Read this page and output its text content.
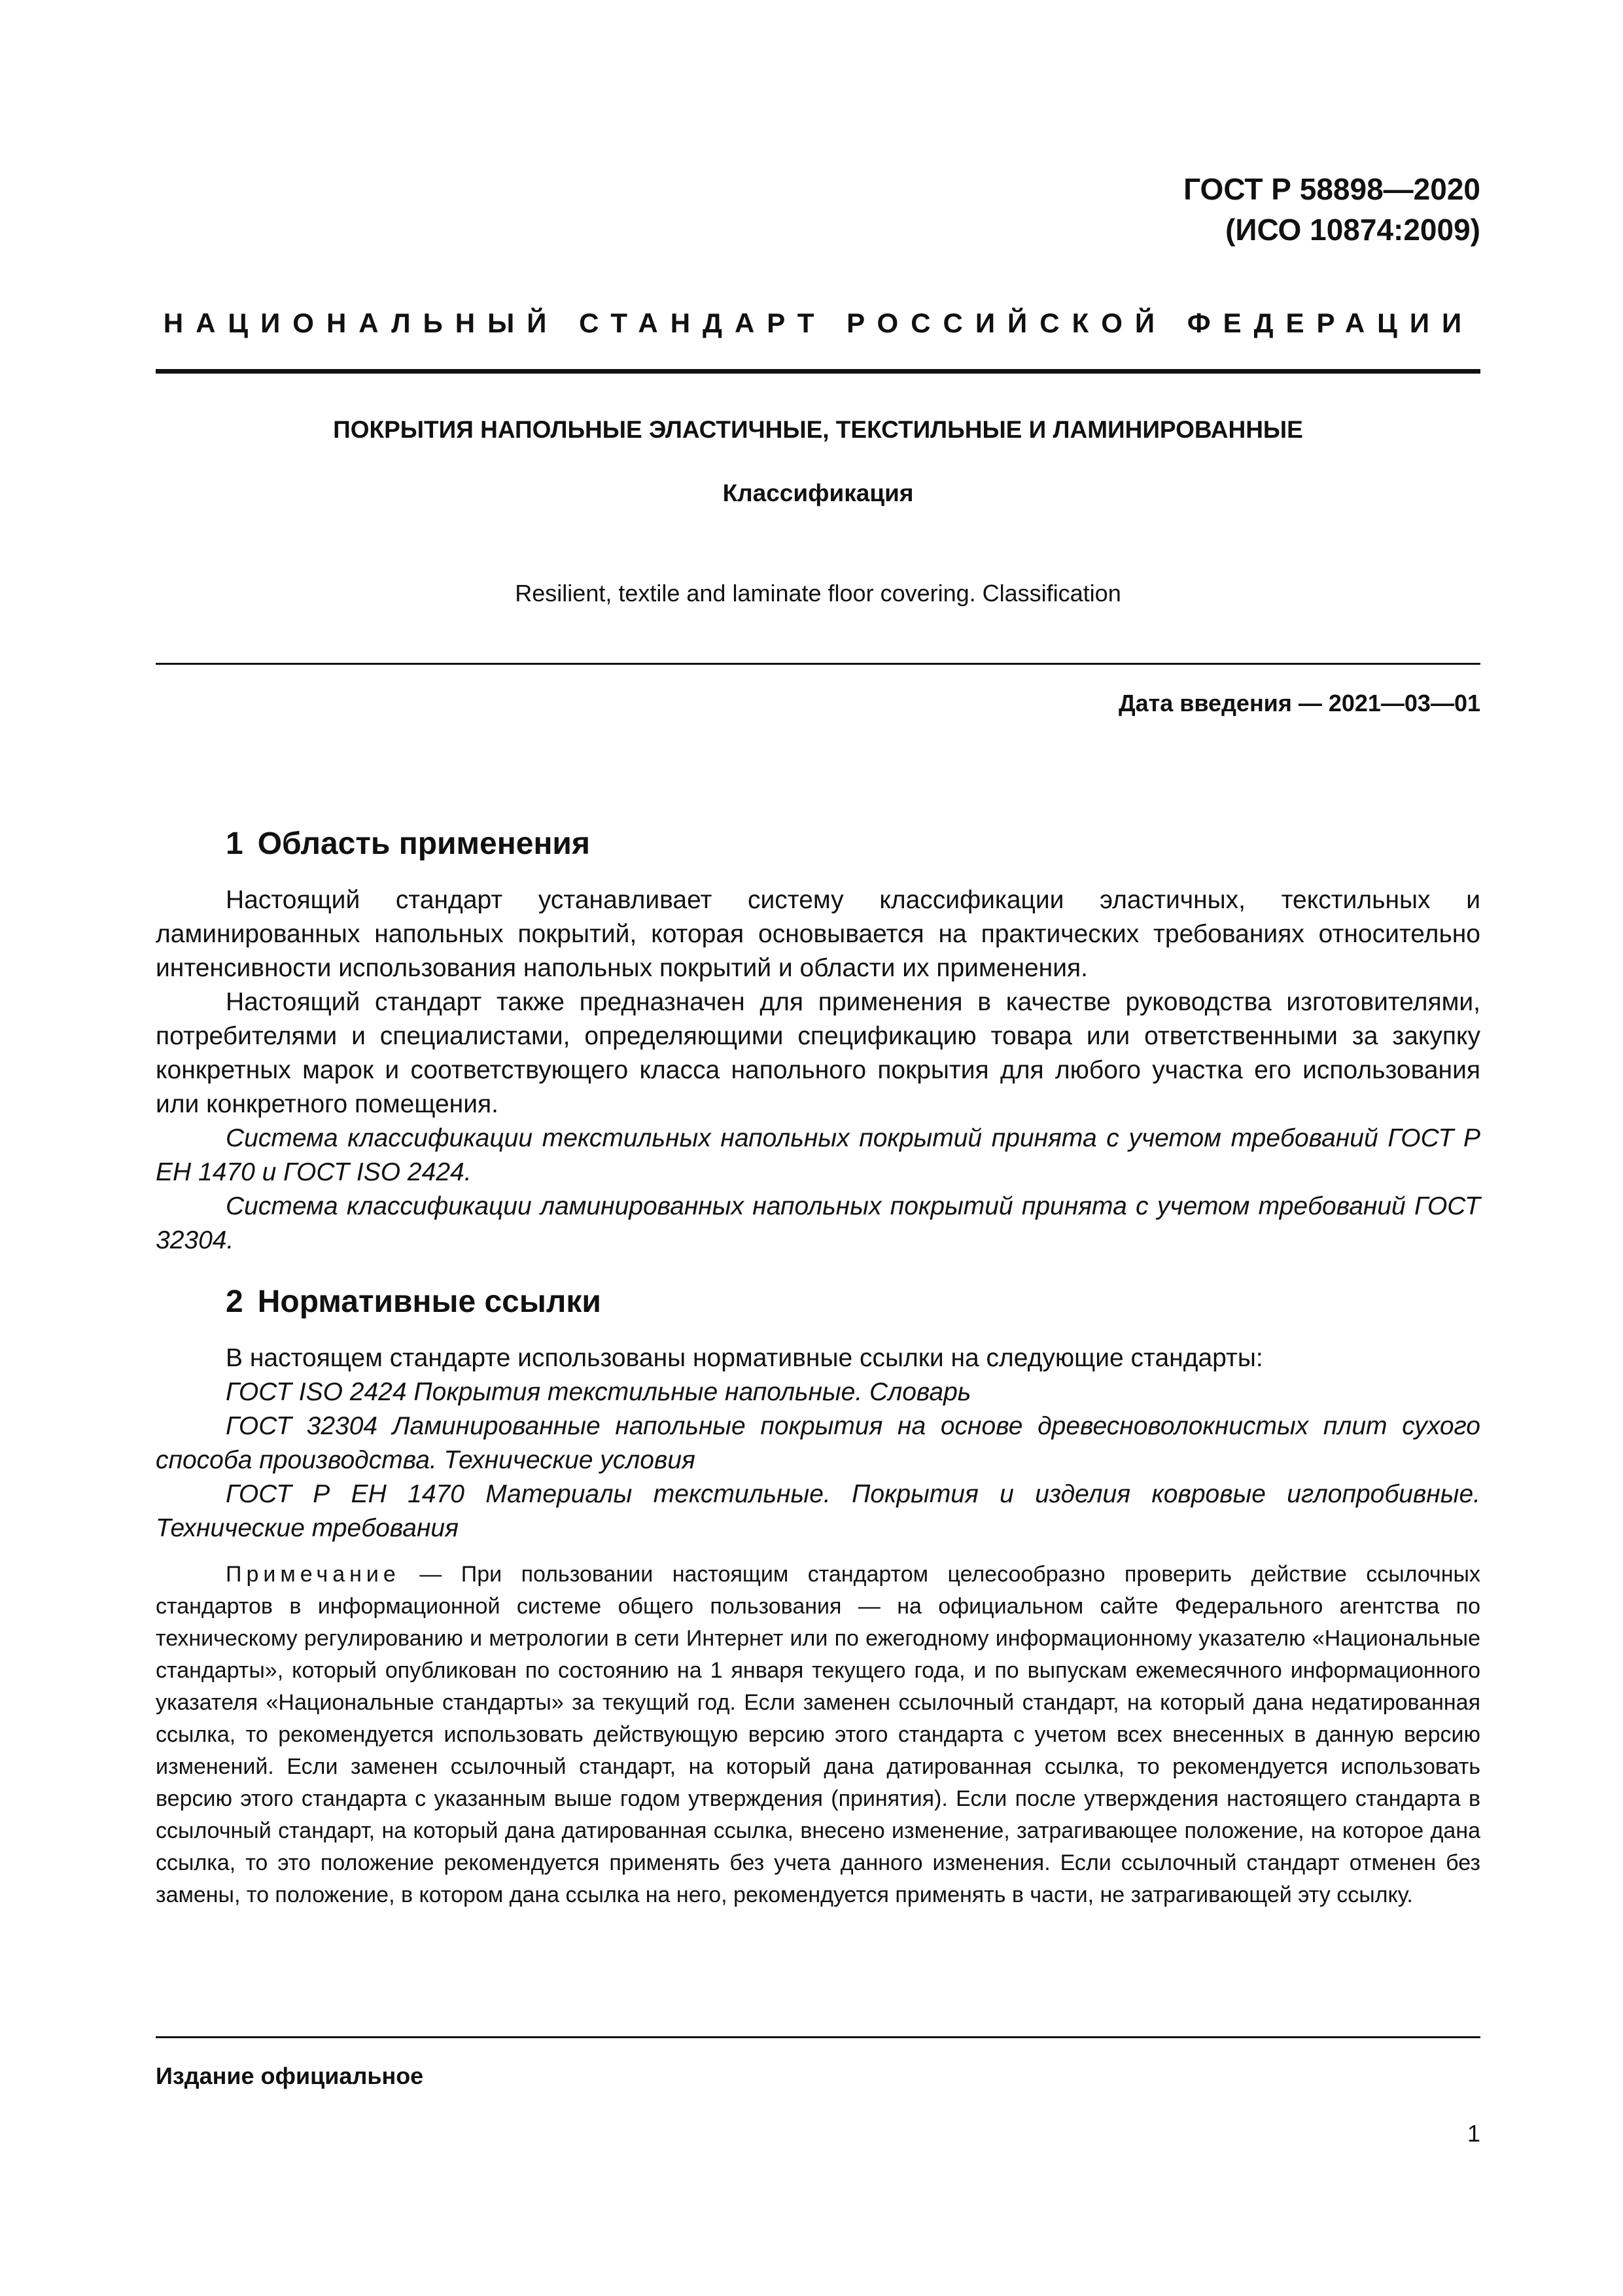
ГОСТ Р 58898—2020
(ИСО 10874:2009)
НАЦИОНАЛЬНЫЙ СТАНДАРТ РОССИЙСКОЙ ФЕДЕРАЦИИ
ПОКРЫТИЯ НАПОЛЬНЫЕ ЭЛАСТИЧНЫЕ, ТЕКСТИЛЬНЫЕ И ЛАМИНИРОВАННЫЕ
Классификация
Resilient, textile and laminate floor covering. Classification
Дата введения — 2021—03—01
1 Область применения

Настоящий стандарт устанавливает систему классификации эластичных, текстильных и ламинированных напольных покрытий, которая основывается на практических требованиях относительно интенсивности использования напольных покрытий и области их применения.

Настоящий стандарт также предназначен для применения в качестве руководства изготовителями, потребителями и специалистами, определяющими спецификацию товара или ответственными за закупку конкретных марок и соответствующего класса напольного покрытия для любого участка его использования или конкретного помещения.

Система классификации текстильных напольных покрытий принята с учетом требований ГОСТ Р ЕН 1470 и ГОСТ ISO 2424.

Система классификации ламинированных напольных покрытий принята с учетом требований ГОСТ 32304.

2 Нормативные ссылки

В настоящем стандарте использованы нормативные ссылки на следующие стандарты:

ГОСТ ISO 2424 Покрытия текстильные напольные. Словарь

ГОСТ 32304 Ламинированные напольные покрытия на основе древесноволокнистых плит сухого способа производства. Технические условия

ГОСТ Р ЕН 1470 Материалы текстильные. Покрытия и изделия ковровые иглопробивные. Технические требования

Примечание — При пользовании настоящим стандартом целесообразно проверить действие ссылочных стандартов в информационной системе общего пользования — на официальном сайте Федерального агентства по техническому регулированию и метрологии в сети Интернет или по ежегодному информационному указателю «Национальные стандарты», который опубликован по состоянию на 1 января текущего года, и по выпускам ежемесячного информационного указателя «Национальные стандарты» за текущий год. Если заменен ссылочный стандарт, на который дана недатированная ссылка, то рекомендуется использовать действующую версию этого стандарта с учетом всех внесенных в данную версию изменений. Если заменен ссылочный стандарт, на который дана датированная ссылка, то рекомендуется использовать версию этого стандарта с указанным выше годом утверждения (принятия). Если после утверждения настоящего стандарта в ссылочный стандарт, на который дана датированная ссылка, внесено изменение, затрагивающее положение, на которое дана ссылка, то это положение рекомендуется применять без учета данного изменения. Если ссылочный стандарт отменен без замены, то положение, в котором дана ссылка на него, рекомендуется применять в части, не затрагивающей эту ссылку.
Издание официальное
1
